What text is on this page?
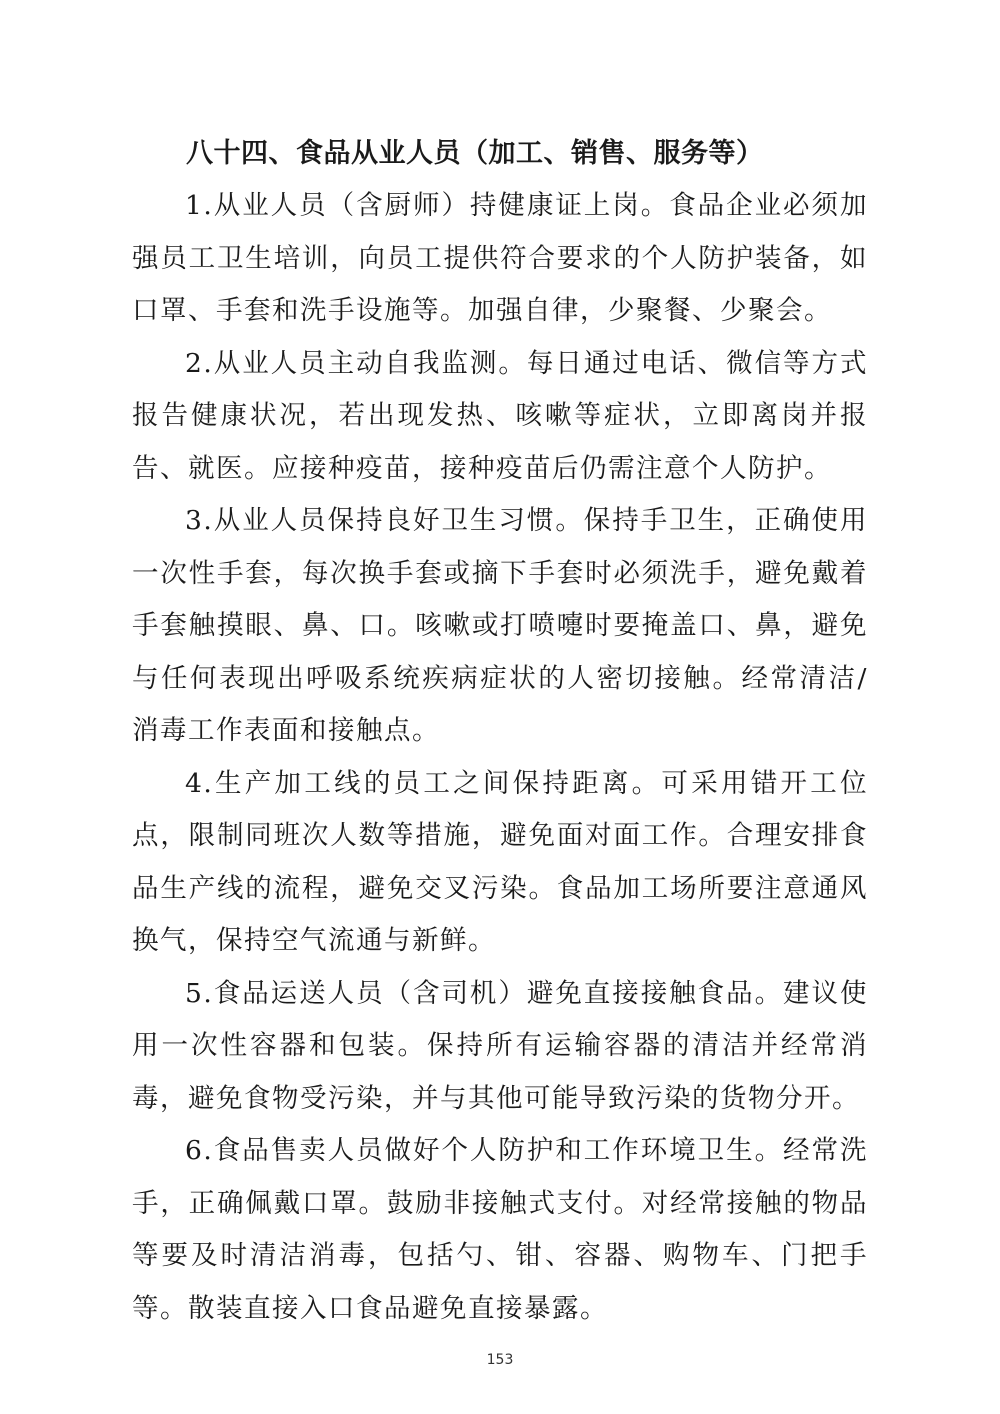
八十四、食品从业人员（加工、销售、服务等）

1.从业人员（含厨师）持健康证上岗。食品企业必须加强员工卫生培训，向员工提供符合要求的个人防护装备，如口罩、手套和洗手设施等。加强自律，少聚餐、少聚会。

2.从业人员主动自我监测。每日通过电话、微信等方式报告健康状况，若出现发热、咳嗽等症状，立即离岗并报告、就医。应接种疫苗，接种疫苗后仍需注意个人防护。

3.从业人员保持良好卫生习惯。保持手卫生，正确使用一次性手套，每次换手套或摘下手套时必须洗手，避免戴着手套触摸眼、鼻、口。咳嗽或打喷嚏时要掩盖口、鼻，避免与任何表现出呼吸系统疾病症状的人密切接触。经常清洁/消毒工作表面和接触点。

4.生产加工线的员工之间保持距离。可采用错开工位点，限制同班次人数等措施，避免面对面工作。合理安排食品生产线的流程，避免交叉污染。食品加工场所要注意通风换气，保持空气流通与新鲜。

5.食品运送人员（含司机）避免直接接触食品。建议使用一次性容器和包装。保持所有运输容器的清洁并经常消毒，避免食物受污染，并与其他可能导致污染的货物分开。

6.食品售卖人员做好个人防护和工作环境卫生。经常洗手，正确佩戴口罩。鼓励非接触式支付。对经常接触的物品等要及时清洁消毒，包括勺、钳、容器、购物车、门把手等。散装直接入口食品避免直接暴露。

153
